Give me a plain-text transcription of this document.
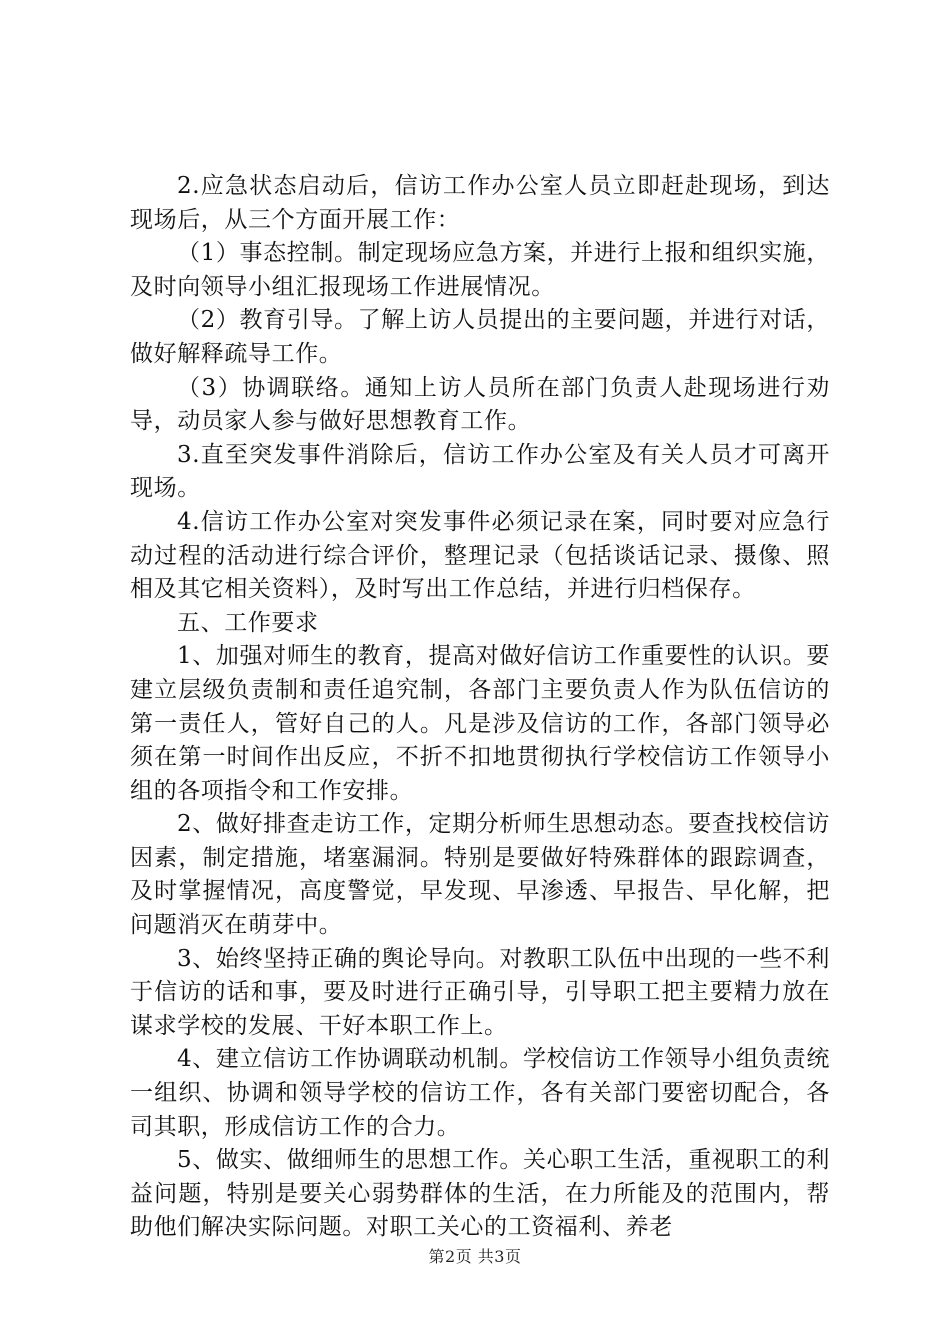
2.应急状态启动后，信访工作办公室人员立即赶赴现场，到达现场后，从三个方面开展工作：

（1）事态控制。制定现场应急方案，并进行上报和组织实施，及时向领导小组汇报现场工作进展情况。

（2）教育引导。了解上访人员提出的主要问题，并进行对话，做好解释疏导工作。

（3）协调联络。通知上访人员所在部门负责人赴现场进行劝导，动员家人参与做好思想教育工作。

3.直至突发事件消除后，信访工作办公室及有关人员才可离开现场。

4.信访工作办公室对突发事件必须记录在案，同时要对应急行动过程的活动进行综合评价，整理记录（包括谈话记录、摄像、照相及其它相关资料），及时写出工作总结，并进行归档保存。

五、工作要求

1、加强对师生的教育，提高对做好信访工作重要性的认识。要建立层级负责制和责任追究制，各部门主要负责人作为队伍信访的第一责任人，管好自己的人。凡是涉及信访的工作，各部门领导必须在第一时间作出反应，不折不扣地贯彻执行学校信访工作领导小组的各项指令和工作安排。

2、做好排查走访工作，定期分析师生思想动态。要查找校信访因素，制定措施，堵塞漏洞。特别是要做好特殊群体的跟踪调查，及时掌握情况，高度警觉，早发现、早渗透、早报告、早化解，把问题消灭在萌芽中。

3、始终坚持正确的舆论导向。对教职工队伍中出现的一些不利于信访的话和事，要及时进行正确引导，引导职工把主要精力放在谋求学校的发展、干好本职工作上。

4、建立信访工作协调联动机制。学校信访工作领导小组负责统一组织、协调和领导学校的信访工作，各有关部门要密切配合，各司其职，形成信访工作的合力。

5、做实、做细师生的思想工作。关心职工生活，重视职工的利益问题，特别是要关心弱势群体的生活，在力所能及的范围内，帮助他们解决实际问题。对职工关心的工资福利、养老

第2页 共3页
